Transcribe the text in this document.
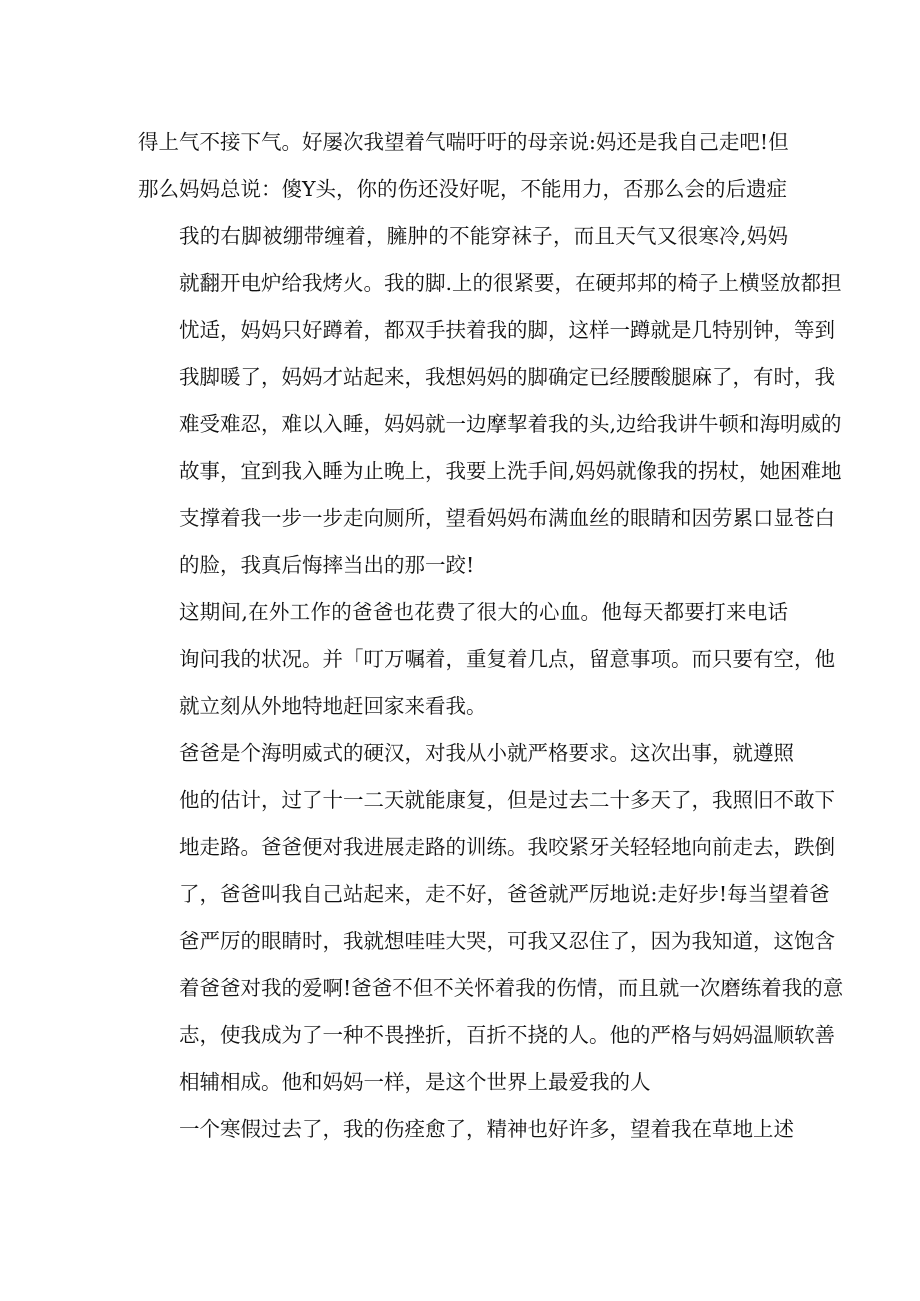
得上气不接下气。好屡次我望着气喘吁吁的母亲说:妈还是我自己走吧!但
那么妈妈总说：傻Y头，你的伤还没好呢，不能用力，否那么会的后遗症

我的右脚被绷带缠着，臃肿的不能穿袜子，而且天气又很寒冷,妈妈
就翻开电炉给我烤火。我的脚.上的很紧要，在硬邦邦的椅子上横竖放都担
忧适，妈妈只好蹲着，都双手扶着我的脚，这样一蹲就是几特别钟，等到
我脚暖了，妈妈才站起来，我想妈妈的脚确定已经腰酸腿麻了，有时，我
难受难忍，难以入睡，妈妈就一边摩挈着我的头,边给我讲牛顿和海明威的
故事，宜到我入睡为止晚上，我要上洗手间,妈妈就像我的拐杖，她困难地
支撑着我一步一步走向厕所，望看妈妈布满血丝的眼睛和因劳累口显苍白
的脸，我真后悔摔当出的那一跤!

这期间,在外工作的爸爸也花费了很大的心血。他每天都要打来电话
询问我的状况。并「叮万嘱着，重复着几点，留意事项。而只要有空，他
就立刻从外地特地赶回家来看我。

爸爸是个海明威式的硬汉，对我从小就严格要求。这次出事，就遵照
他的估计，过了十一二天就能康复，但是过去二十多天了，我照旧不敢下
地走路。爸爸便对我进展走路的训练。我咬紧牙关轻轻地向前走去，跌倒
了，爸爸叫我自己站起来，走不好，爸爸就严厉地说:走好步!每当望着爸
爸严厉的眼睛时，我就想哇哇大哭，可我又忍住了，因为我知道，这饱含
着爸爸对我的爱啊!爸爸不但不关怀着我的伤情，而且就一次磨练着我的意
志，使我成为了一种不畏挫折，百折不挠的人。他的严格与妈妈温顺软善
相辅相成。他和妈妈一样，是这个世界上最爱我的人

一个寒假过去了，我的伤痊愈了，精神也好许多，望着我在草地上述
